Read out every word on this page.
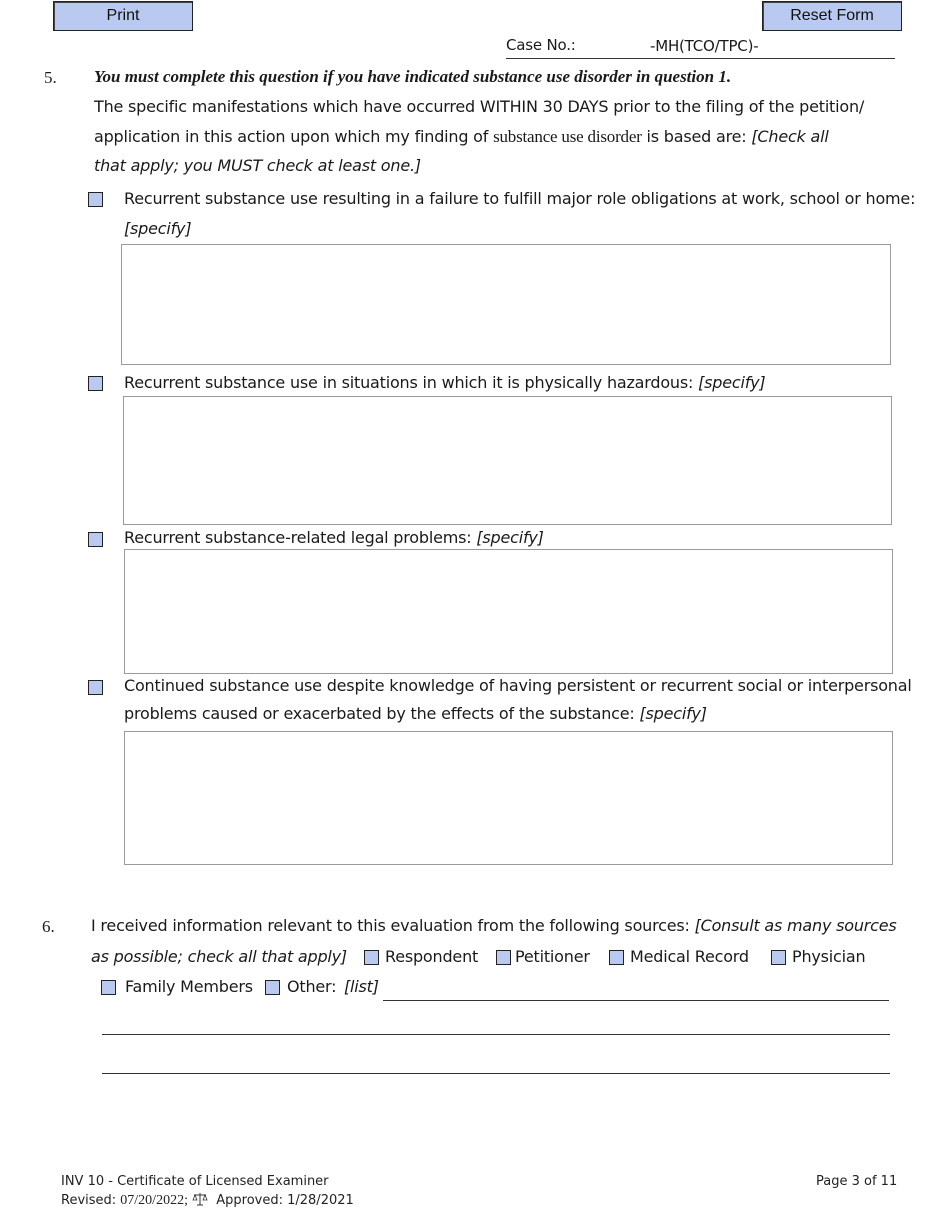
Print	Reset Form
Case No.:	-MH(TCO/TPC)-
5. You must complete this question if you have indicated substance use disorder in question 1.
The specific manifestations which have occurred WITHIN 30 DAYS prior to the filing of the petition/
application in this action upon which my finding of substance use disorder is based are: [Check all
that apply; you MUST check at least one.]
Recurrent substance use resulting in a failure to fulfill major role obligations at work, school or home:
[specify]
Recurrent substance use in situations in which it is physically hazardous: [specify]
Recurrent substance-related legal problems: [specify]
Continued substance use despite knowledge of having persistent or recurrent social or interpersonal
problems caused or exacerbated by the effects of the substance: [specify]
6. I received information relevant to this evaluation from the following sources: [Consult as many sources
as possible; check all that apply] Respondent Petitioner	Medical Record	Physician
Family Members Other: [list]
INV 10 - Certificate of Licensed Examiner
Revised: 07/20/2022; Approved: 1/28/2021
Page 3 of 11
